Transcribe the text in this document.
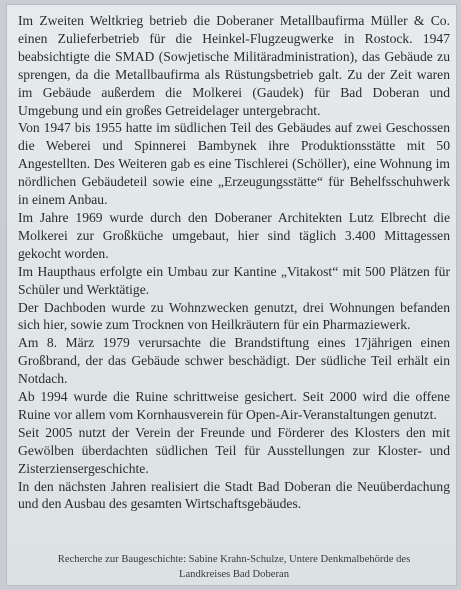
Im Zweiten Weltkrieg betrieb die Doberaner Metallbaufirma Müller & Co. einen Zulieferbetrieb für die Heinkel-Flugzeugwerke in Rostock. 1947 beabsichtigte die SMAD (Sowjetische Militäradministration), das Gebäude zu sprengen, da die Metallbaufirma als Rüstungsbetrieb galt. Zu der Zeit waren im Gebäude außerdem die Molkerei (Gaudek) für Bad Doberan und Umgebung und ein großes Getreidelager untergebracht.

Von 1947 bis 1955 hatte im südlichen Teil des Gebäudes auf zwei Geschossen die Weberei und Spinnerei Bambynek ihre Produktionsstätte mit 50 Angestellten. Des Weiteren gab es eine Tischlerei (Schöller), eine Wohnung im nördlichen Gebäudeteil sowie eine „Erzeugungsstätte“ für Behelfsschuhwerk in einem Anbau.

Im Jahre 1969 wurde durch den Doberaner Architekten Lutz Elbrecht die Molkerei zur Großküche umgebaut, hier sind täglich 3.400 Mittagessen gekocht worden.

Im Haupthaus erfolgte ein Umbau zur Kantine „Vitakost“ mit 500 Plätzen für Schüler und Werktätige.

Der Dachboden wurde zu Wohnzwecken genutzt, drei Wohnungen befanden sich hier, sowie zum Trocknen von Heilkräutern für ein Pharmaziewerk.

Am 8. März 1979 verursachte die Brandstiftung eines 17jährigen einen Großbrand, der das Gebäude schwer beschädigt. Der südliche Teil erhält ein Notdach.

Ab 1994 wurde die Ruine schrittweise gesichert. Seit 2000 wird die offene Ruine vor allem vom Kornhausverein für Open-Air-Veranstaltungen genutzt.

Seit 2005 nutzt der Verein der Freunde und Förderer des Klosters den mit Gewölben überdachten südlichen Teil für Ausstellungen zur Kloster- und Zisterziensergeschichte.

In den nächsten Jahren realisiert die Stadt Bad Doberan die Neuüberdachung und den Ausbau des gesamten Wirtschaftsgebäudes.

Recherche zur Baugeschichte: Sabine Krahn-Schulze, Untere Denkmalbehörde des

Landkreises Bad Doberan
